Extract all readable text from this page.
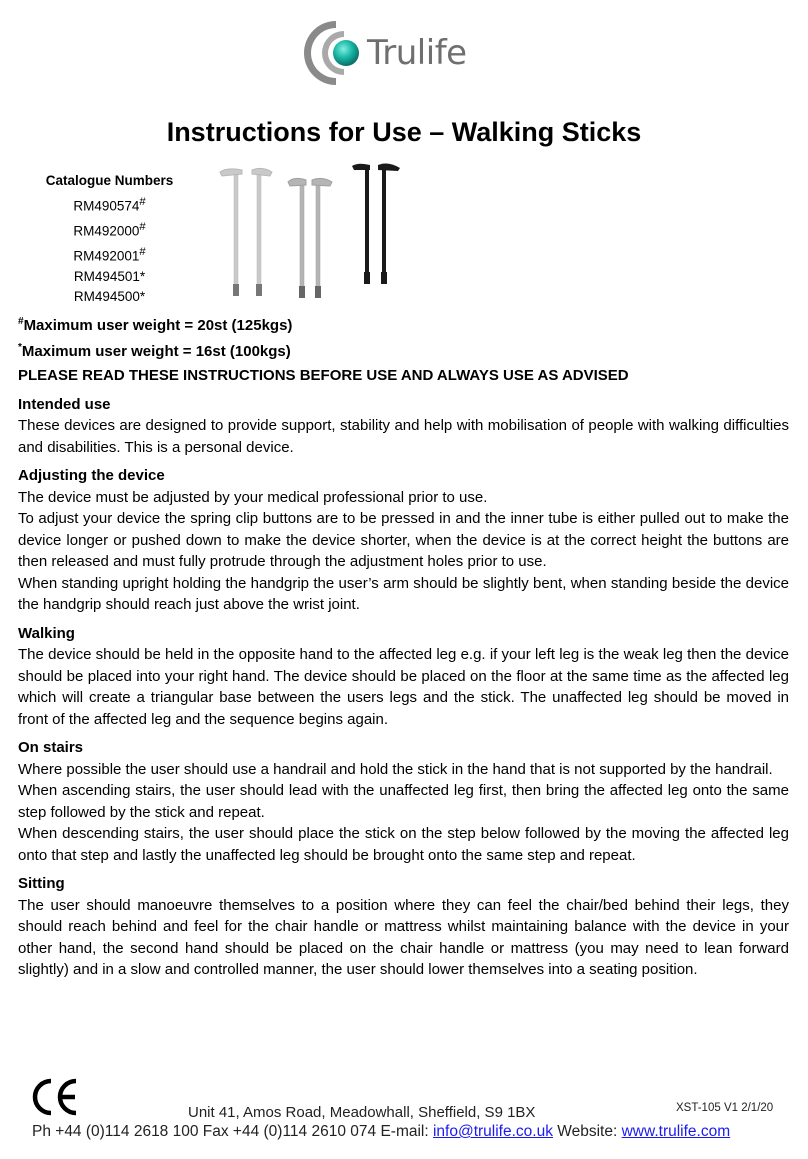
Trulife
Instructions for Use – Walking Sticks
Catalogue Numbers
RM490574#
RM492000#
RM492001#
RM494501*
RM494500*
#Maximum user weight = 20st (125kgs)
*Maximum user weight = 16st (100kgs)

PLEASE READ THESE INSTRUCTIONS BEFORE USE AND ALWAYS USE AS ADVISED

Intended use

These devices are designed to provide support, stability and help with mobilisation of people with walking difficulties and disabilities. This is a personal device.

Adjusting the device

The device must be adjusted by your medical professional prior to use.

To adjust your device the spring clip buttons are to be pressed in and the inner tube is either pulled out to make the device longer or pushed down to make the device shorter, when the device is at the correct height the buttons are then released and must fully protrude through the adjustment holes prior to use.

When standing upright holding the handgrip the user’s arm should be slightly bent, when standing beside the device the handgrip should reach just above the wrist joint.

Walking

The device should be held in the opposite hand to the affected leg e.g. if your left leg is the weak leg then the device should be placed into your right hand. The device should be placed on the floor at the same time as the affected leg which will create a triangular base between the users legs and the stick. The unaffected leg should be moved in front of the affected leg and the sequence begins again.

On stairs

Where possible the user should use a handrail and hold the stick in the hand that is not supported by the handrail.

When ascending stairs, the user should lead with the unaffected leg first, then bring the affected leg onto the same step followed by the stick and repeat.

When descending stairs, the user should place the stick on the step below followed by the moving the affected leg onto that step and lastly the unaffected leg should be brought onto the same step and repeat.

Sitting

The user should manoeuvre themselves to a position where they can feel the chair/bed behind their legs, they should reach behind and feel for the chair handle or mattress whilst maintaining balance with the device in your other hand, the second hand should be placed on the chair handle or mattress (you may need to lean forward slightly) and in a slow and controlled manner, the user should lower themselves into a seating position.

Unit 41, Amos Road, Meadowhall, Sheffield, S9 1BX	XST-105 V1 2/1/20
Ph +44 (0)114 2618 100 Fax +44 (0)114 2610 074 E-mail: info@trulife.co.uk Website: www.trulife.com
